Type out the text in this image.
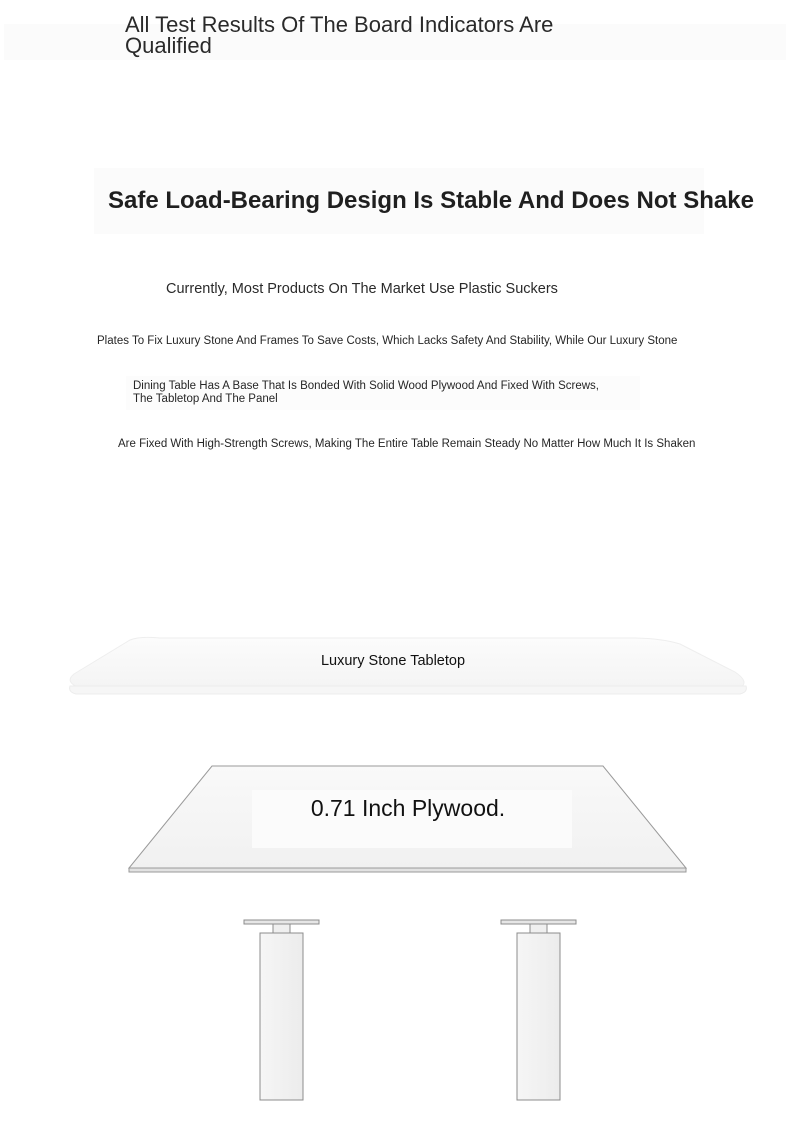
All Test Results Of The Board Indicators Are Qualified
Safe Load-Bearing Design Is Stable And Does Not Shake

Currently, Most Products On The Market Use Plastic Suckers

Plates To Fix Luxury Stone And Frames To Save Costs, Which Lacks Safety And Stability, While Our Luxury Stone

Dining Table Has A Base That Is Bonded With Solid Wood Plywood And Fixed With Screws,

The Tabletop And The Panel

Are Fixed With High-Strength Screws, Making The Entire Table Remain Steady No Matter How Much It Is Shaken

Luxury Stone Tabletop

0.71 Inch Plywood.
